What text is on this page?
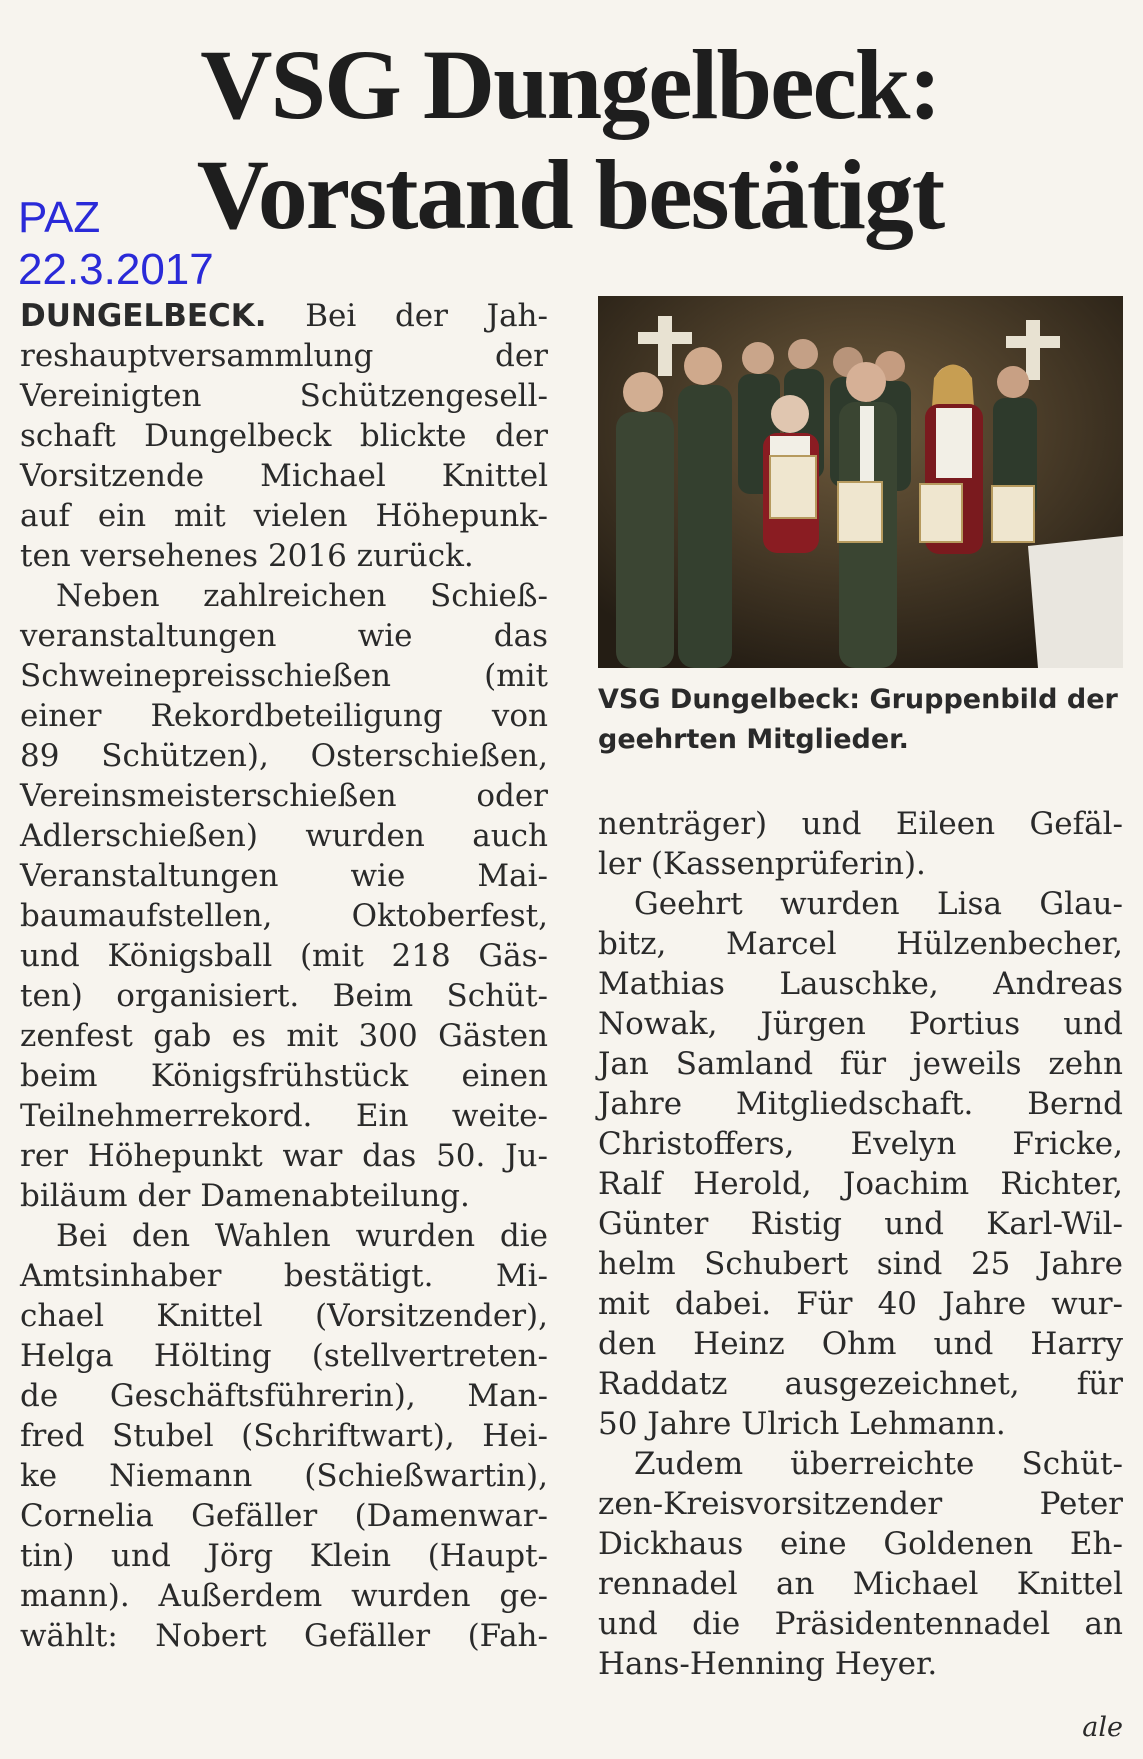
PAZ
22.3.2017
VSG Dungelbeck:
Vorstand bestätigt
DUNGELBECK. Bei der Jah-
reshauptversammlung der
Vereinigten Schützengesell-
schaft Dungelbeck blickte der
Vorsitzende Michael Knittel
auf ein mit vielen Höhepunk-
ten versehenes 2016 zurück.
Neben zahlreichen Schieß-
veranstaltungen wie das
Schweinepreisschießen (mit
einer Rekordbeteiligung von
89 Schützen), Osterschießen,
Vereinsmeisterschießen oder
Adlerschießen) wurden auch
Veranstaltungen wie Mai-
baumaufstellen, Oktoberfest,
und Königsball (mit 218 Gäs-
ten) organisiert. Beim Schüt-
zenfest gab es mit 300 Gästen
beim Königsfrühstück einen
Teilnehmerrekord. Ein weite-
rer Höhepunkt war das 50. Ju-
biläum der Damenabteilung.
Bei den Wahlen wurden die
Amtsinhaber bestätigt. Mi-
chael Knittel (Vorsitzender),
Helga Hölting (stellvertreten-
de Geschäftsführerin), Man-
fred Stubel (Schriftwart), Hei-
ke Niemann (Schießwartin),
Cornelia Gefäller (Damenwar-
tin) und Jörg Klein (Haupt-
mann). Außerdem wurden ge-
wählt: Nobert Gefäller (Fah-
VSG Dungelbeck: Gruppenbild der geehrten Mitglieder.
nenträger) und Eileen Gefäl-
ler (Kassenprüferin).
Geehrt wurden Lisa Glau-
bitz, Marcel Hülzenbecher,
Mathias Lauschke, Andreas
Nowak, Jürgen Portius und
Jan Samland für jeweils zehn
Jahre Mitgliedschaft. Bernd
Christoffers, Evelyn Fricke,
Ralf Herold, Joachim Richter,
Günter Ristig und Karl-Wil-
helm Schubert sind 25 Jahre
mit dabei. Für 40 Jahre wur-
den Heinz Ohm und Harry
Raddatz ausgezeichnet, für
50 Jahre Ulrich Lehmann.
Zudem überreichte Schüt-
zen-Kreisvorsitzender Peter
Dickhaus eine Goldenen Eh-
rennadel an Michael Knittel
und die Präsidentennadel an
Hans-Henning Heyer.
ale
